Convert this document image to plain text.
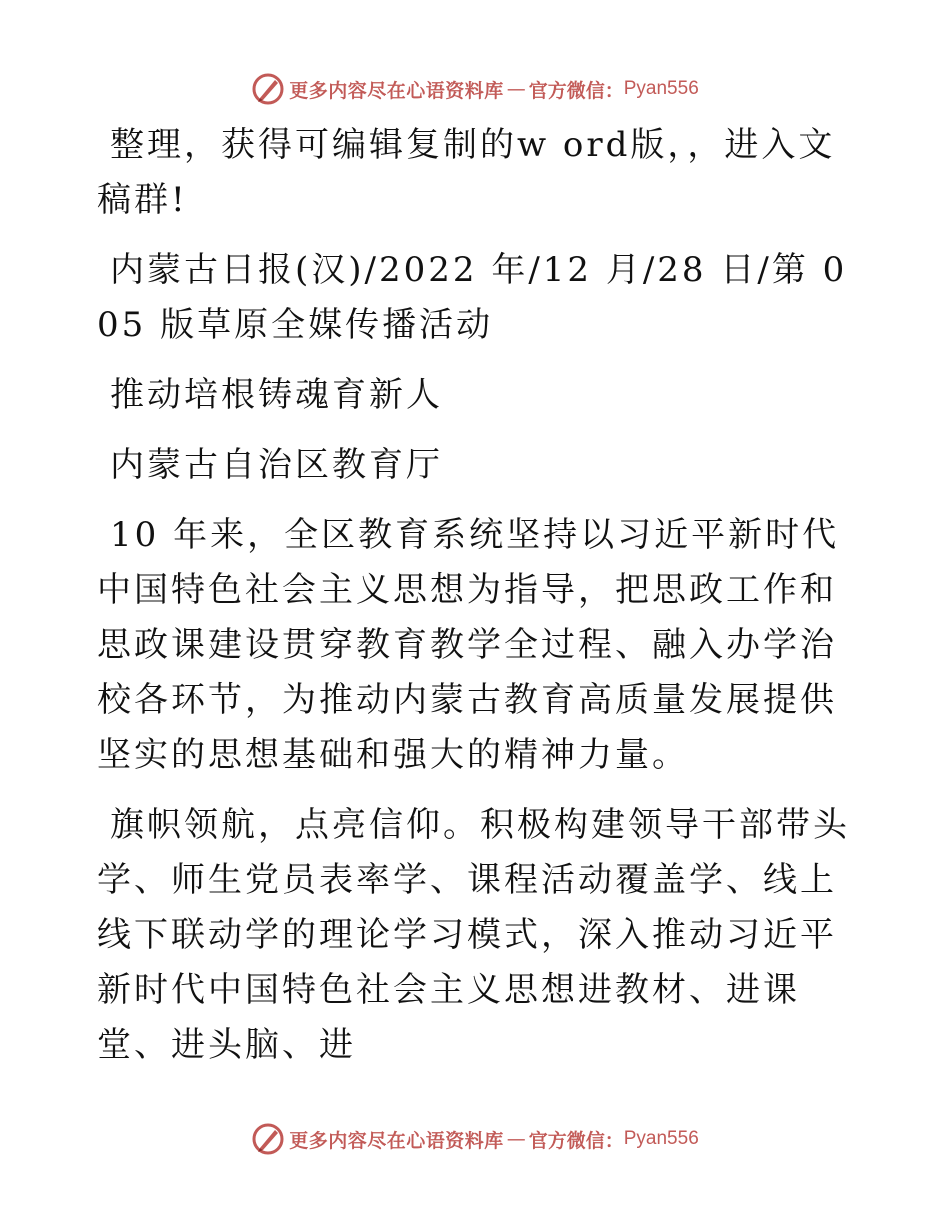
更多内容尽在心语资料库 — 官方微信： Pyan556

整理，获得可编辑复制的w ord版，，进入文稿群!

内蒙古日报(汉)/2022 年/12 月/28 日/第 005 版草原全媒传播活动

推动培根铸魂育新人

内蒙古自治区教育厅

10 年来，全区教育系统坚持以习近平新时代中国特色社会主义思想为指导，把思政工作和思政课建设贯穿教育教学全过程、融入办学治校各环节，为推动内蒙古教育高质量发展提供坚实的思想基础和强大的精神力量。

旗帜领航，点亮信仰。积极构建领导干部带头学、师生党员表率学、课程活动覆盖学、线上线下联动学的理论学习模式，深入推动习近平新时代中国特色社会主义思想进教材、进课堂、进头脑、进

更多内容尽在心语资料库 — 官方微信： Pyan556
